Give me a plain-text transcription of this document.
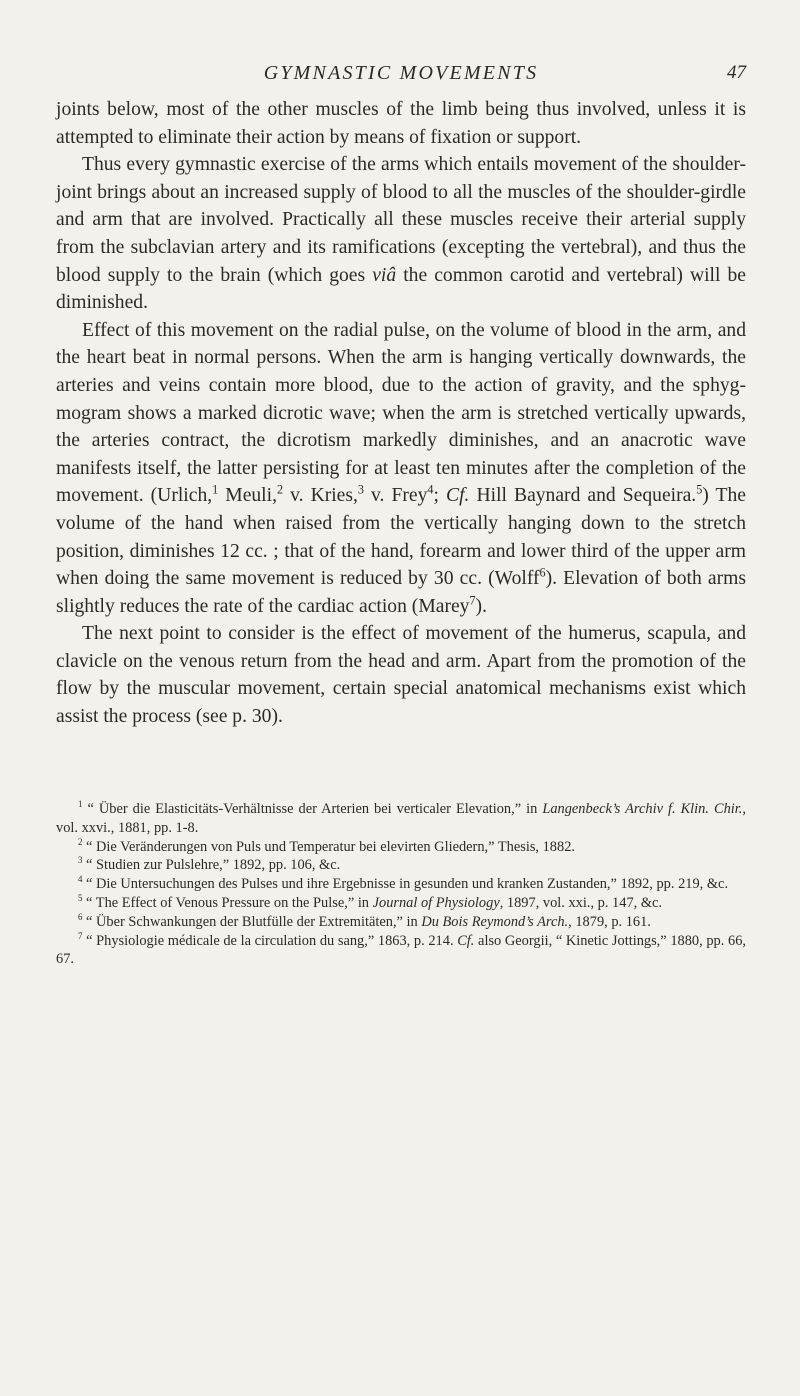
GYMNASTIC MOVEMENTS	47

joints below, most of the other muscles of the limb being thus involved, unless it is attempted to eliminate their action by means of fixation or support.

Thus every gymnastic exercise of the arms which entails movement of the shoulder-joint brings about an increased supply of blood to all the muscles of the shoulder-girdle and arm that are involved. Practically all these muscles receive their arterial supply from the subclavian artery and its ramifications (excepting the vertebral), and thus the blood supply to the brain (which goes viâ the common carotid and vertebral) will be diminished.

Effect of this movement on the radial pulse, on the volume of blood in the arm, and the heart beat in normal persons. When the arm is hanging vertically downwards, the arteries and veins contain more blood, due to the action of gravity, and the sphygmogram shows a marked dicrotic wave; when the arm is stretched vertically upwards, the arteries contract, the dicrotism markedly diminishes, and an anacrotic wave manifests itself, the latter persisting for at least ten minutes after the completion of the movement. (Urlich,$^1$ Meuli,$^2$ v. Kries,$^3$ v. Frey$^4$; Cf. Hill Baynard and Sequeira.$^5$) The volume of the hand when raised from the vertically hanging down to the stretch position, diminishes 12 cc. ; that of the hand, forearm and lower third of the upper arm when doing the same movement is reduced by 30 cc. (Wolff$^6$). Elevation of both arms slightly reduces the rate of the cardiac action (Marey$^7$).

The next point to consider is the effect of movement of the humerus, scapula, and clavicle on the venous return from the head and arm. Apart from the promotion of the flow by the muscular movement, certain special anatomical mechanisms exist which assist the process (see p. 30).

$^1$ “ Über die Elasticitäts-Verhältnisse der Arterien bei verticaler Elevation,” in Langenbeck’s Archiv f. Klin. Chir., vol. xxvi., 1881, pp. 1-8.

$^2$ “ Die Veränderungen von Puls und Temperatur bei elevirten Gliedern,” Thesis, 1882.

$^3$ “ Studien zur Pulslehre,” 1892, pp. 106, &c.

$^4$ “ Die Untersuchungen des Pulses und ihre Ergebnisse in gesunden und kranken Zustanden,” 1892, pp. 219, &c.

$^5$ “ The Effect of Venous Pressure on the Pulse,” in Journal of Physiology, 1897, vol. xxi., p. 147, &c.

$^6$ “ Über Schwankungen der Blutfülle der Extremitäten,” in Du Bois Reymond’s Arch., 1879, p. 161.

$^7$ “ Physiologie médicale de la circulation du sang,” 1863, p. 214. Cf. also Georgii, “ Kinetic Jottings,” 1880, pp. 66, 67.
